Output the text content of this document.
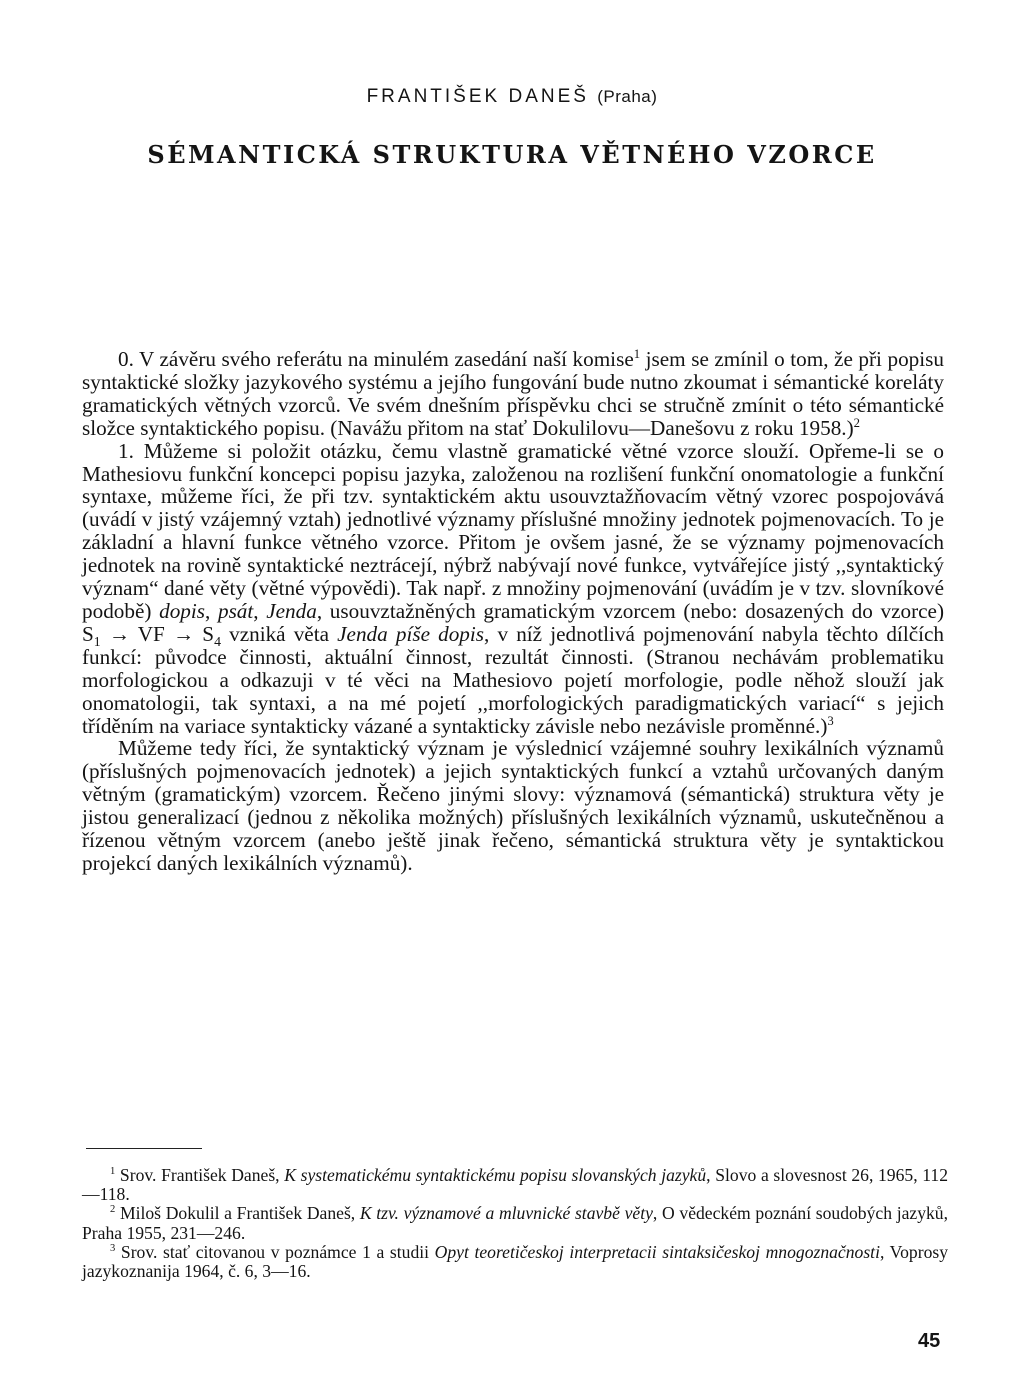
FRANTIŠEK DANEŠ (Praha)
SÉMANTICKÁ STRUKTURA VĚTNÉHO VZORCE

0. V závěru svého referátu na minulém zasedání naší komise$^1$ jsem se zmínil o tom, že při popisu syntaktické složky jazykového systému a jejího fungování bude nutno zkoumat i sémantické koreláty gramatických větných vzorců. Ve svém dnešním příspěvku chci se stručně zmínit o této sémantické složce syntaktického popisu. (Navážu přitom na stať Dokulilovu—Danešovu z roku 1958.)$^2$

1. Můžeme si položit otázku, čemu vlastně gramatické větné vzorce slouží. Opřeme-li se o Mathesiovu funkční koncepci popisu jazyka, založenou na rozlišení funkční onomatologie a funkční syntaxe, můžeme říci, že při tzv. syntaktickém aktu usouvztažňovacím větný vzorec pospojovává (uvádí v jistý vzájemný vztah) jednotlivé významy příslušné množiny jednotek pojmenovacích. To je základní a hlavní funkce větného vzorce. Přitom je ovšem jasné, že se významy pojmenovacích jednotek na rovině syntaktické neztrácejí, nýbrž nabývají nové funkce, vytvářejíce jistý ,,syntaktický význam“ dané věty (větné výpovědi). Tak např. z množiny pojmenování (uvádím je v tzv. slovníkové podobě) dopis, psát, Jenda, usouvztažněných gramatickým vzorcem (nebo: dosazených do vzorce) $S_1$ → VF → $S_4$ vzniká věta Jenda píše dopis, v níž jednotlivá pojmenování nabyla těchto dílčích funkcí: původce činnosti, aktuální činnost, rezultát činnosti. (Stranou nechávám problematiku morfologickou a odkazuji v té věci na Mathesiovo pojetí morfologie, podle něhož slouží jak onomatologii, tak syntaxi, a na mé pojetí ,,morfologických paradigmatických variací“ s jejich tříděním na variace syntakticky vázané a syntakticky závisle nebo nezávisle proměnné.)$^3$

Můžeme tedy říci, že syntaktický význam je výslednicí vzájemné souhry lexikálních významů (příslušných pojmenovacích jednotek) a jejich syntaktických funkcí a vztahů určovaných daným větným (gramatickým) vzorcem. Řečeno jinými slovy: významová (sémantická) struktura věty je jistou generalizací (jednou z několika možných) příslušných lexikálních významů, uskutečněnou a řízenou větným vzorcem (anebo ještě jinak řečeno, sémantická struktura věty je syntaktickou projekcí daných lexikálních významů).

$^1$ Srov. František Daneš, K systematickému syntaktickému popisu slovanských jazyků, Slovo a slovesnost 26, 1965, 112—118.

$^2$ Miloš Dokulil a František Daneš, K tzv. významové a mluvnické stavbě věty, O vědeckém poznání soudobých jazyků, Praha 1955, 231—246.

$^3$ Srov. stať citovanou v poznámce 1 a studii Opyt teoretičeskoj interpretacii sintaksičeskoj mnogoznačnosti, Voprosy jazykoznanija 1964, č. 6, 3—16.

45
